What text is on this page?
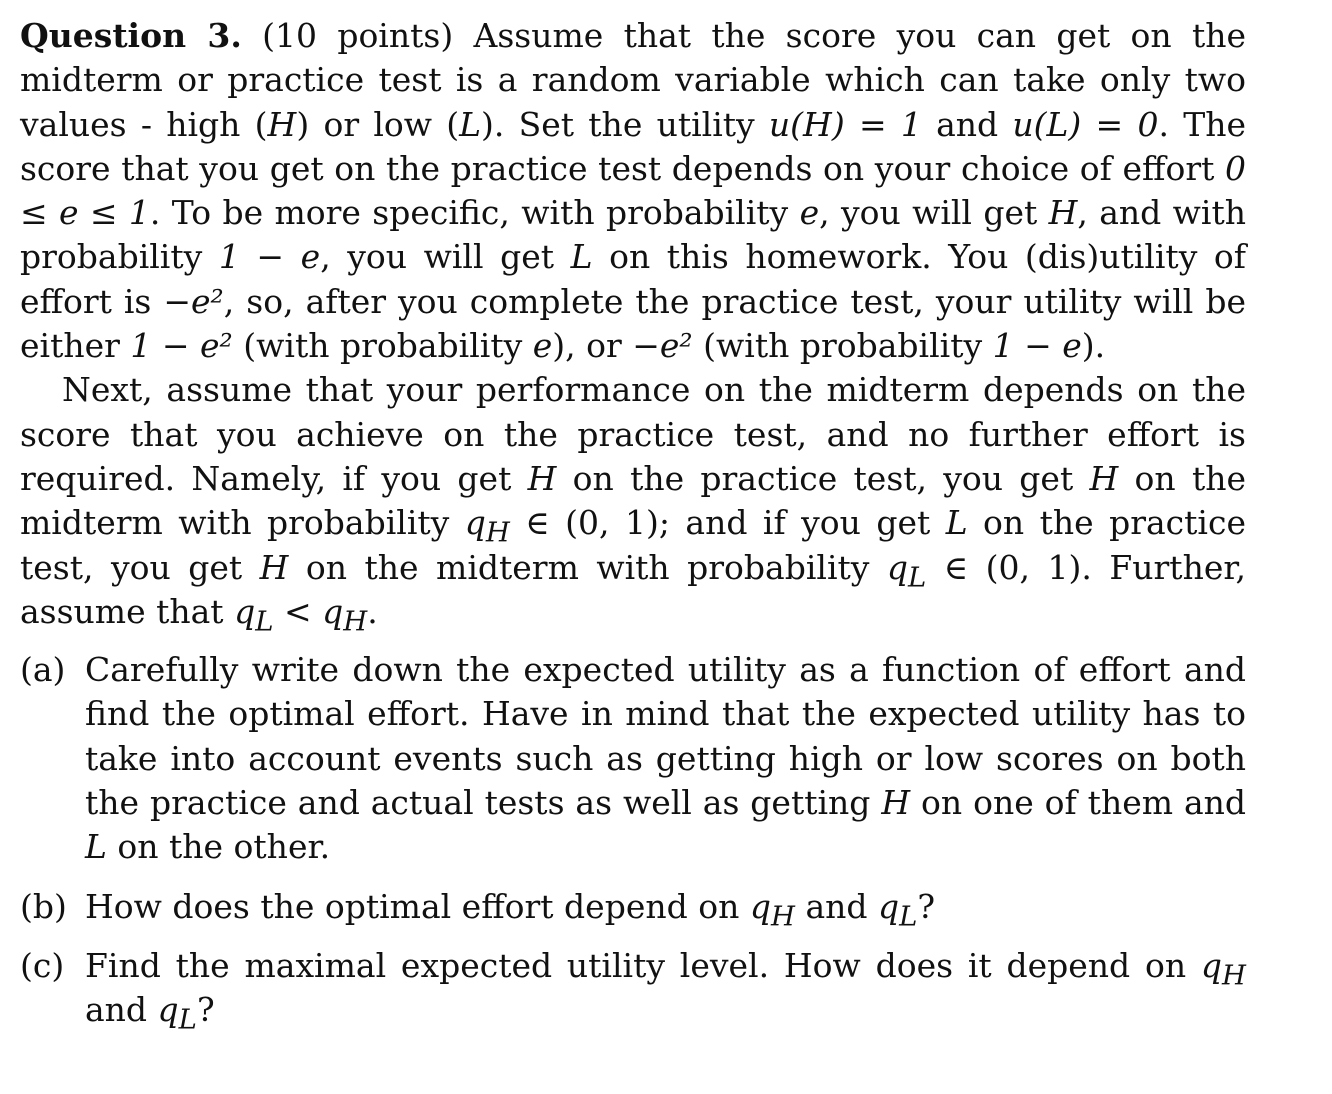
Question 3. (10 points) Assume that the score you can get on the midterm or practice test is a random variable which can take only two values - high (H) or low (L). Set the utility u(H) = 1 and u(L) = 0. The score that you get on the practice test depends on your choice of effort 0 ≤ e ≤ 1. To be more specific, with probability e, you will get H, and with probability 1 − e, you will get L on this homework. You (dis)utility of effort is −e², so, after you complete the practice test, your utility will be either 1 − e² (with probability e), or −e² (with probability 1 − e).

Next, assume that your performance on the midterm depends on the score that you achieve on the practice test, and no further effort is required. Namely, if you get H on the practice test, you get H on the midterm with probability $q_H$ ∈ (0, 1); and if you get L on the practice test, you get H on the midterm with probability $q_L$ ∈ (0, 1). Further, assume that $q_L < q_H$.

(a) Carefully write down the expected utility as a function of effort and find the optimal effort. Have in mind that the expected utility has to take into account events such as getting high or low scores on both the practice and actual tests as well as getting H on one of them and L on the other.
(b) How does the optimal effort depend on $q_H$ and $q_L$?
(c) Find the maximal expected utility level. How does it depend on $q_H$ and $q_L$?
